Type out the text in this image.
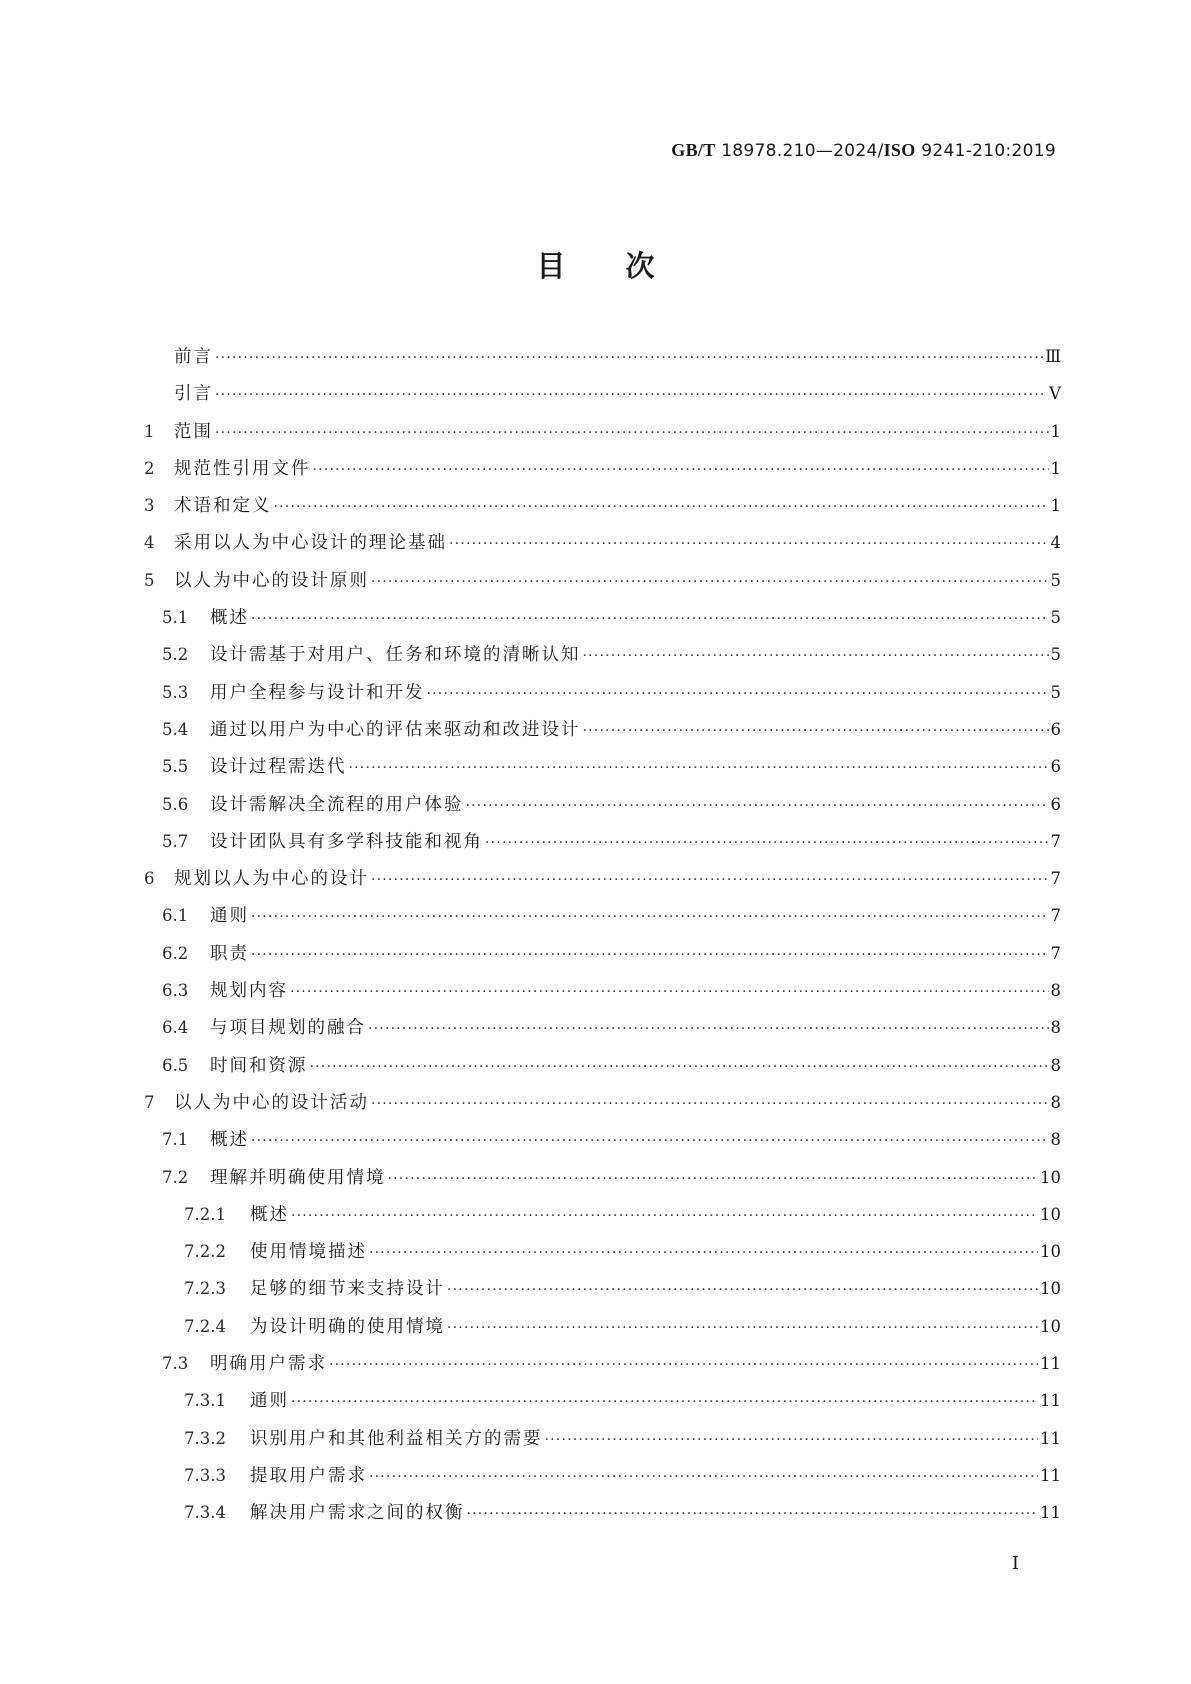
GB/T 18978.210—2024/ISO 9241-210:2019
目次
前言 ·····	Ⅲ
引言 ·····	Ⅴ
1	范围 ·····	1
2	规范性引用文件 ·····	1
3	术语和定义 ·····	1
4	采用以人为中心设计的理论基础 ·····	4
5	以人为中心的设计原则 ·····	5
5.1	概述 ·····	5
5.2	设计需基于对用户、任务和环境的清晰认知 ·····	5
5.3	用户全程参与设计和开发 ·····	5
5.4	通过以用户为中心的评估来驱动和改进设计 ·····	6
5.5	设计过程需迭代 ·····	6
5.6	设计需解决全流程的用户体验 ·····	6
5.7	设计团队具有多学科技能和视角 ·····	7
6	规划以人为中心的设计 ·····	7
6.1	通则 ·····	7
6.2	职责 ·····	7
6.3	规划内容 ·····	8
6.4	与项目规划的融合 ·····	8
6.5	时间和资源 ·····	8
7	以人为中心的设计活动 ·····	8
7.1	概述 ·····	8
7.2	理解并明确使用情境 ·····	10
7.2.1	概述 ·····	10
7.2.2	使用情境描述 ·····	10
7.2.3	足够的细节来支持设计 ·····	10
7.2.4	为设计明确的使用情境 ·····	10
7.3	明确用户需求 ·····	11
7.3.1	通则 ·····	11
7.3.2	识别用户和其他利益相关方的需要 ·····	11
7.3.3	提取用户需求 ·····	11
7.3.4	解决用户需求之间的权衡 ·····	11
I
